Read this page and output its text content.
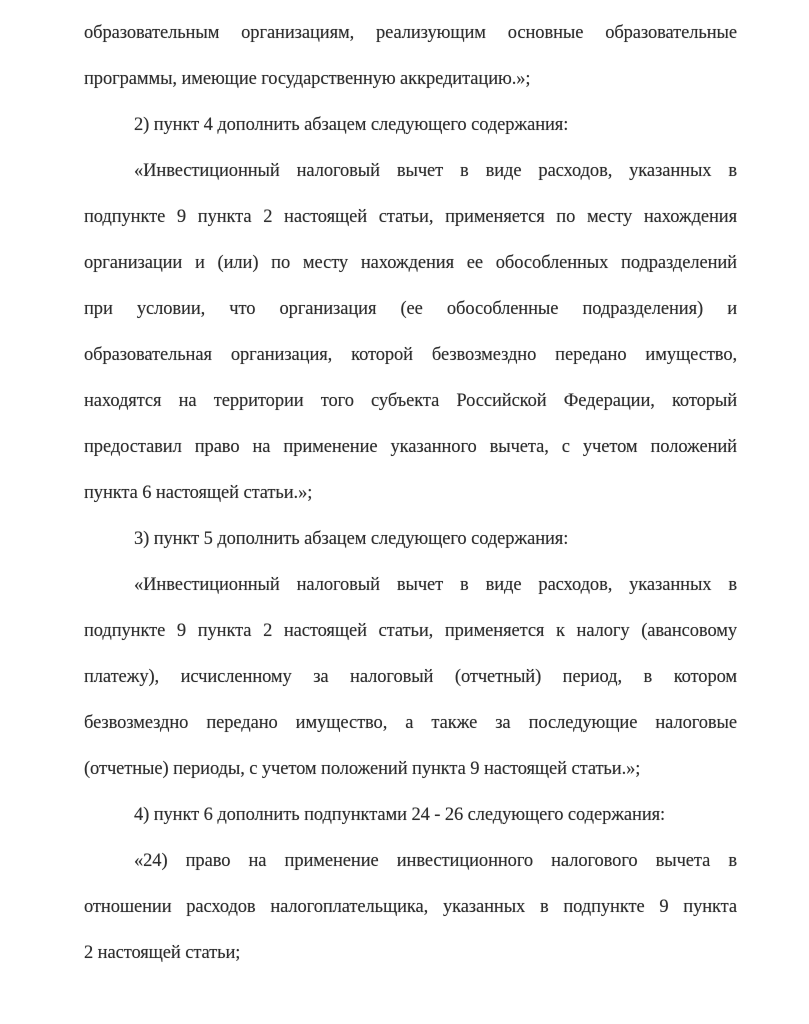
образовательным организациям, реализующим основные образовательные
программы, имеющие государственную аккредитацию.»;
2) пункт 4 дополнить абзацем следующего содержания:
«Инвестиционный налоговый вычет в виде расходов, указанных в
подпункте 9 пункта 2 настоящей статьи, применяется по месту нахождения
организации и (или) по месту нахождения ее обособленных подразделений
при условии, что организация (ее обособленные подразделения) и
образовательная организация, которой безвозмездно передано имущество,
находятся на территории того субъекта Российской Федерации, который
предоставил право на применение указанного вычета, с учетом положений
пункта 6 настоящей статьи.»;
3) пункт 5 дополнить абзацем следующего содержания:
«Инвестиционный налоговый вычет в виде расходов, указанных в
подпункте 9 пункта 2 настоящей статьи, применяется к налогу (авансовому
платежу), исчисленному за налоговый (отчетный) период, в котором
безвозмездно передано имущество, а также за последующие налоговые
(отчетные) периоды, с учетом положений пункта 9 настоящей статьи.»;
4) пункт 6 дополнить подпунктами 24 - 26 следующего содержания:
«24) право на применение инвестиционного налогового вычета в
отношении расходов налогоплательщика, указанных в подпункте 9 пункта
2 настоящей статьи;
